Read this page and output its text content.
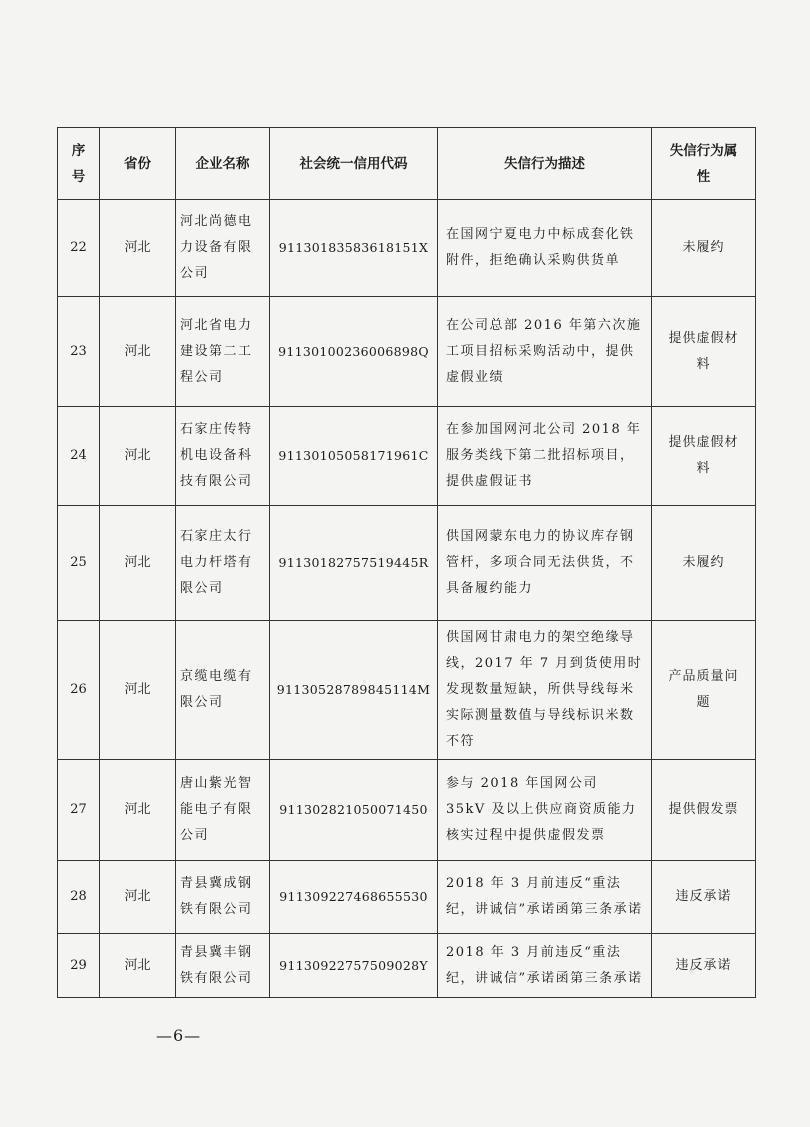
序号	省份	企业名称	社会统一信用代码	失信行为描述	失信行为属性
22	河北	河北尚德电力设备有限公司	91130183583618151X	在国网宁夏电力中标成套化铁附件，拒绝确认采购供货单	未履约
23	河北	河北省电力建设第二工程公司	91130100236006898Q	在公司总部 2016 年第六次施工项目招标采购活动中，提供虚假业绩	提供虚假材料
24	河北	石家庄传特机电设备科技有限公司	91130105058171961C	在参加国网河北公司 2018 年服务类线下第二批招标项目，提供虚假证书	提供虚假材料
25	河北	石家庄太行电力杆塔有限公司	91130182757519445R	供国网蒙东电力的协议库存钢管杆，多项合同无法供货，不具备履约能力	未履约
26	河北	京缆电缆有限公司	91130528789845114M	供国网甘肃电力的架空绝缘导线，2017 年 7 月到货使用时发现数量短缺，所供导线每米实际测量数值与导线标识米数不符	产品质量问题
27	河北	唐山紫光智能电子有限公司	911302821050071450	参与 2018 年国网公司 35kV 及以上供应商资质能力核实过程中提供虚假发票	提供假发票
28	河北	青县冀成钢铁有限公司	911309227468655530	2018 年 3 月前违反“重法纪，讲诚信”承诺函第三条承诺	违反承诺
29	河北	青县冀丰钢铁有限公司	91130922757509028Y	2018 年 3 月前违反“重法纪，讲诚信”承诺函第三条承诺	违反承诺
—6—
